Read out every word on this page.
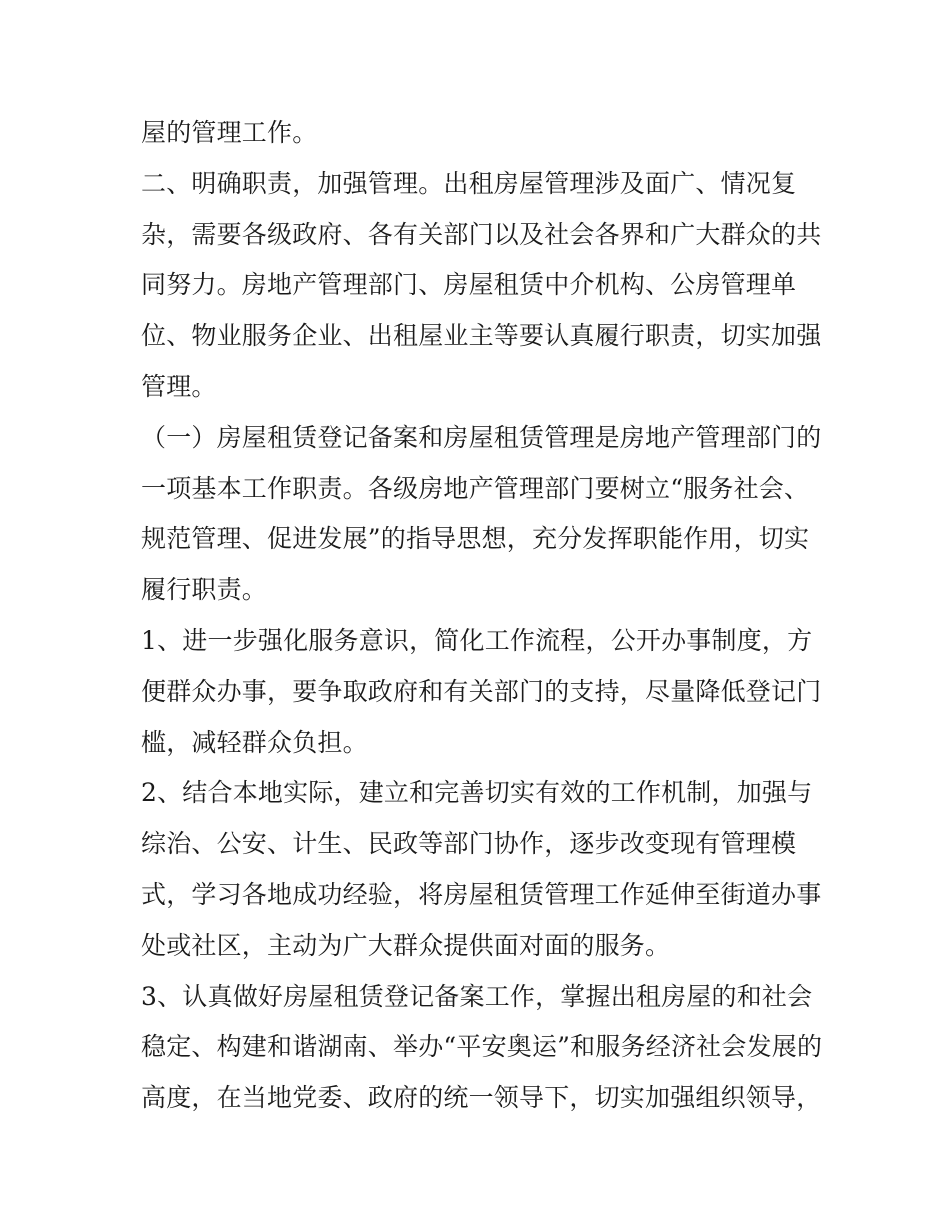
屋的管理工作。
二、明确职责，加强管理。出租房屋管理涉及面广、情况复
杂，需要各级政府、各有关部门以及社会各界和广大群众的共
同努力。房地产管理部门、房屋租赁中介机构、公房管理单
位、物业服务企业、出租屋业主等要认真履行职责，切实加强
管理。
（一）房屋租赁登记备案和房屋租赁管理是房地产管理部门的
一项基本工作职责。各级房地产管理部门要树立“服务社会、
规范管理、促进发展”的指导思想，充分发挥职能作用，切实
履行职责。
1、进一步强化服务意识，简化工作流程，公开办事制度，方
便群众办事，要争取政府和有关部门的支持，尽量降低登记门
槛，减轻群众负担。
2、结合本地实际，建立和完善切实有效的工作机制，加强与
综治、公安、计生、民政等部门协作，逐步改变现有管理模
式，学习各地成功经验，将房屋租赁管理工作延伸至街道办事
处或社区，主动为广大群众提供面对面的服务。
3、认真做好房屋租赁登记备案工作，掌握出租房屋的和社会
稳定、构建和谐湖南、举办“平安奥运”和服务经济社会发展的
高度，在当地党委、政府的统一领导下，切实加强组织领导，
